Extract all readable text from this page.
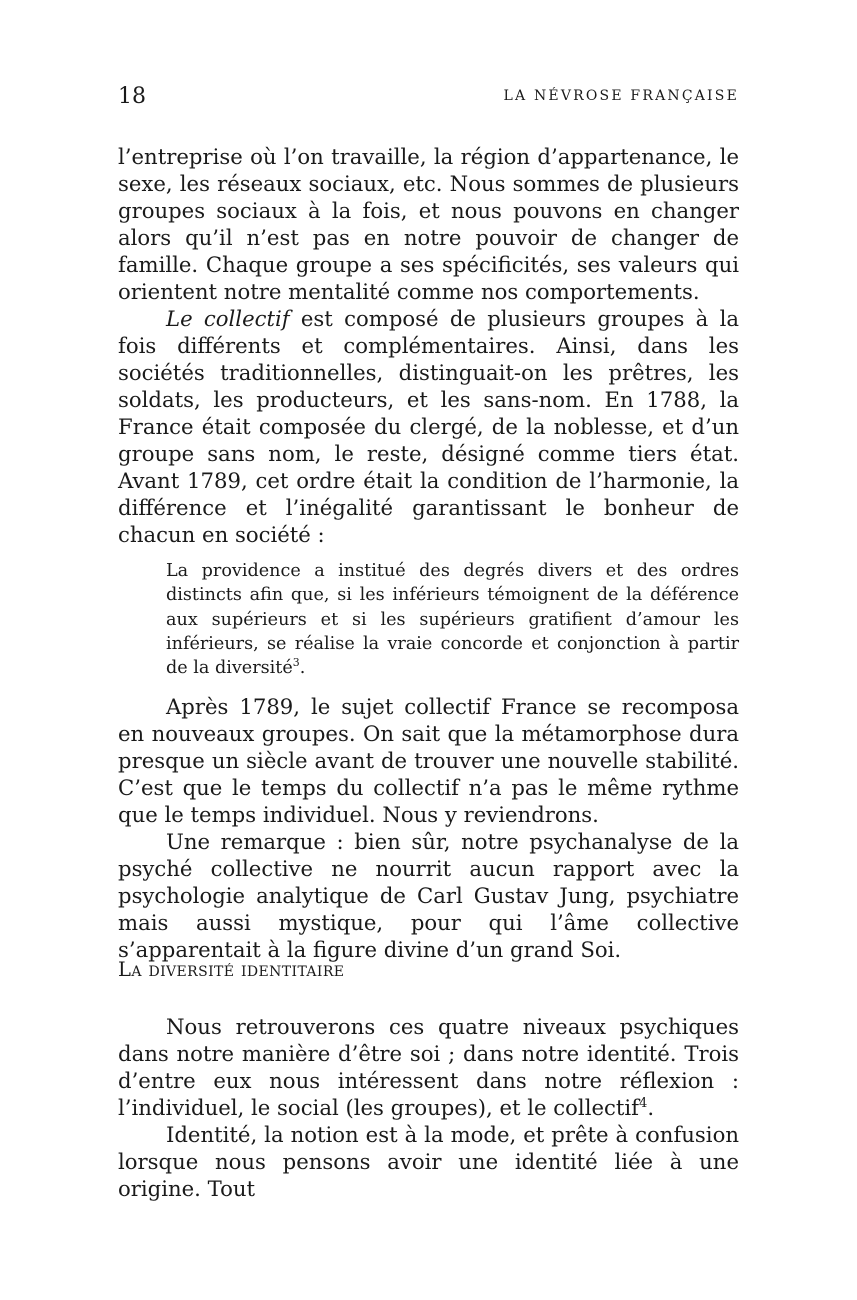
18	LA NÉVROSE FRANÇAISE

l’entreprise où l’on travaille, la région d’appartenance, le sexe, les réseaux sociaux, etc. Nous sommes de plusieurs groupes sociaux à la fois, et nous pouvons en changer alors qu’il n’est pas en notre pouvoir de changer de famille. Chaque groupe a ses spécificités, ses valeurs qui orientent notre mentalité comme nos comportements.

Le collectif est composé de plusieurs groupes à la fois différents et complémentaires. Ainsi, dans les sociétés traditionnelles, distinguait-on les prêtres, les soldats, les producteurs, et les sans-nom. En 1788, la France était composée du clergé, de la noblesse, et d’un groupe sans nom, le reste, désigné comme tiers état. Avant 1789, cet ordre était la condition de l’harmonie, la différence et l’inégalité garantissant le bonheur de chacun en société :

La providence a institué des degrés divers et des ordres distincts afin que, si les inférieurs témoignent de la déférence aux supérieurs et si les supérieurs gratifient d’amour les inférieurs, se réalise la vraie concorde et conjonction à partir de la diversité$^3$.

Après 1789, le sujet collectif France se recomposa en nouveaux groupes. On sait que la métamorphose dura presque un siècle avant de trouver une nouvelle stabilité. C’est que le temps du collectif n’a pas le même rythme que le temps individuel. Nous y reviendrons.

Une remarque : bien sûr, notre psychanalyse de la psyché collective ne nourrit aucun rapport avec la psychologie analytique de Carl Gustav Jung, psychiatre mais aussi mystique, pour qui l’âme collective s’apparentait à la figure divine d’un grand Soi.

La diversité identitaire

Nous retrouverons ces quatre niveaux psychiques dans notre manière d’être soi ; dans notre identité. Trois d’entre eux nous intéressent dans notre réflexion : l’individuel, le social (les groupes), et le collectif$^4$.

Identité, la notion est à la mode, et prête à confusion lorsque nous pensons avoir une identité liée à une origine. Tout
